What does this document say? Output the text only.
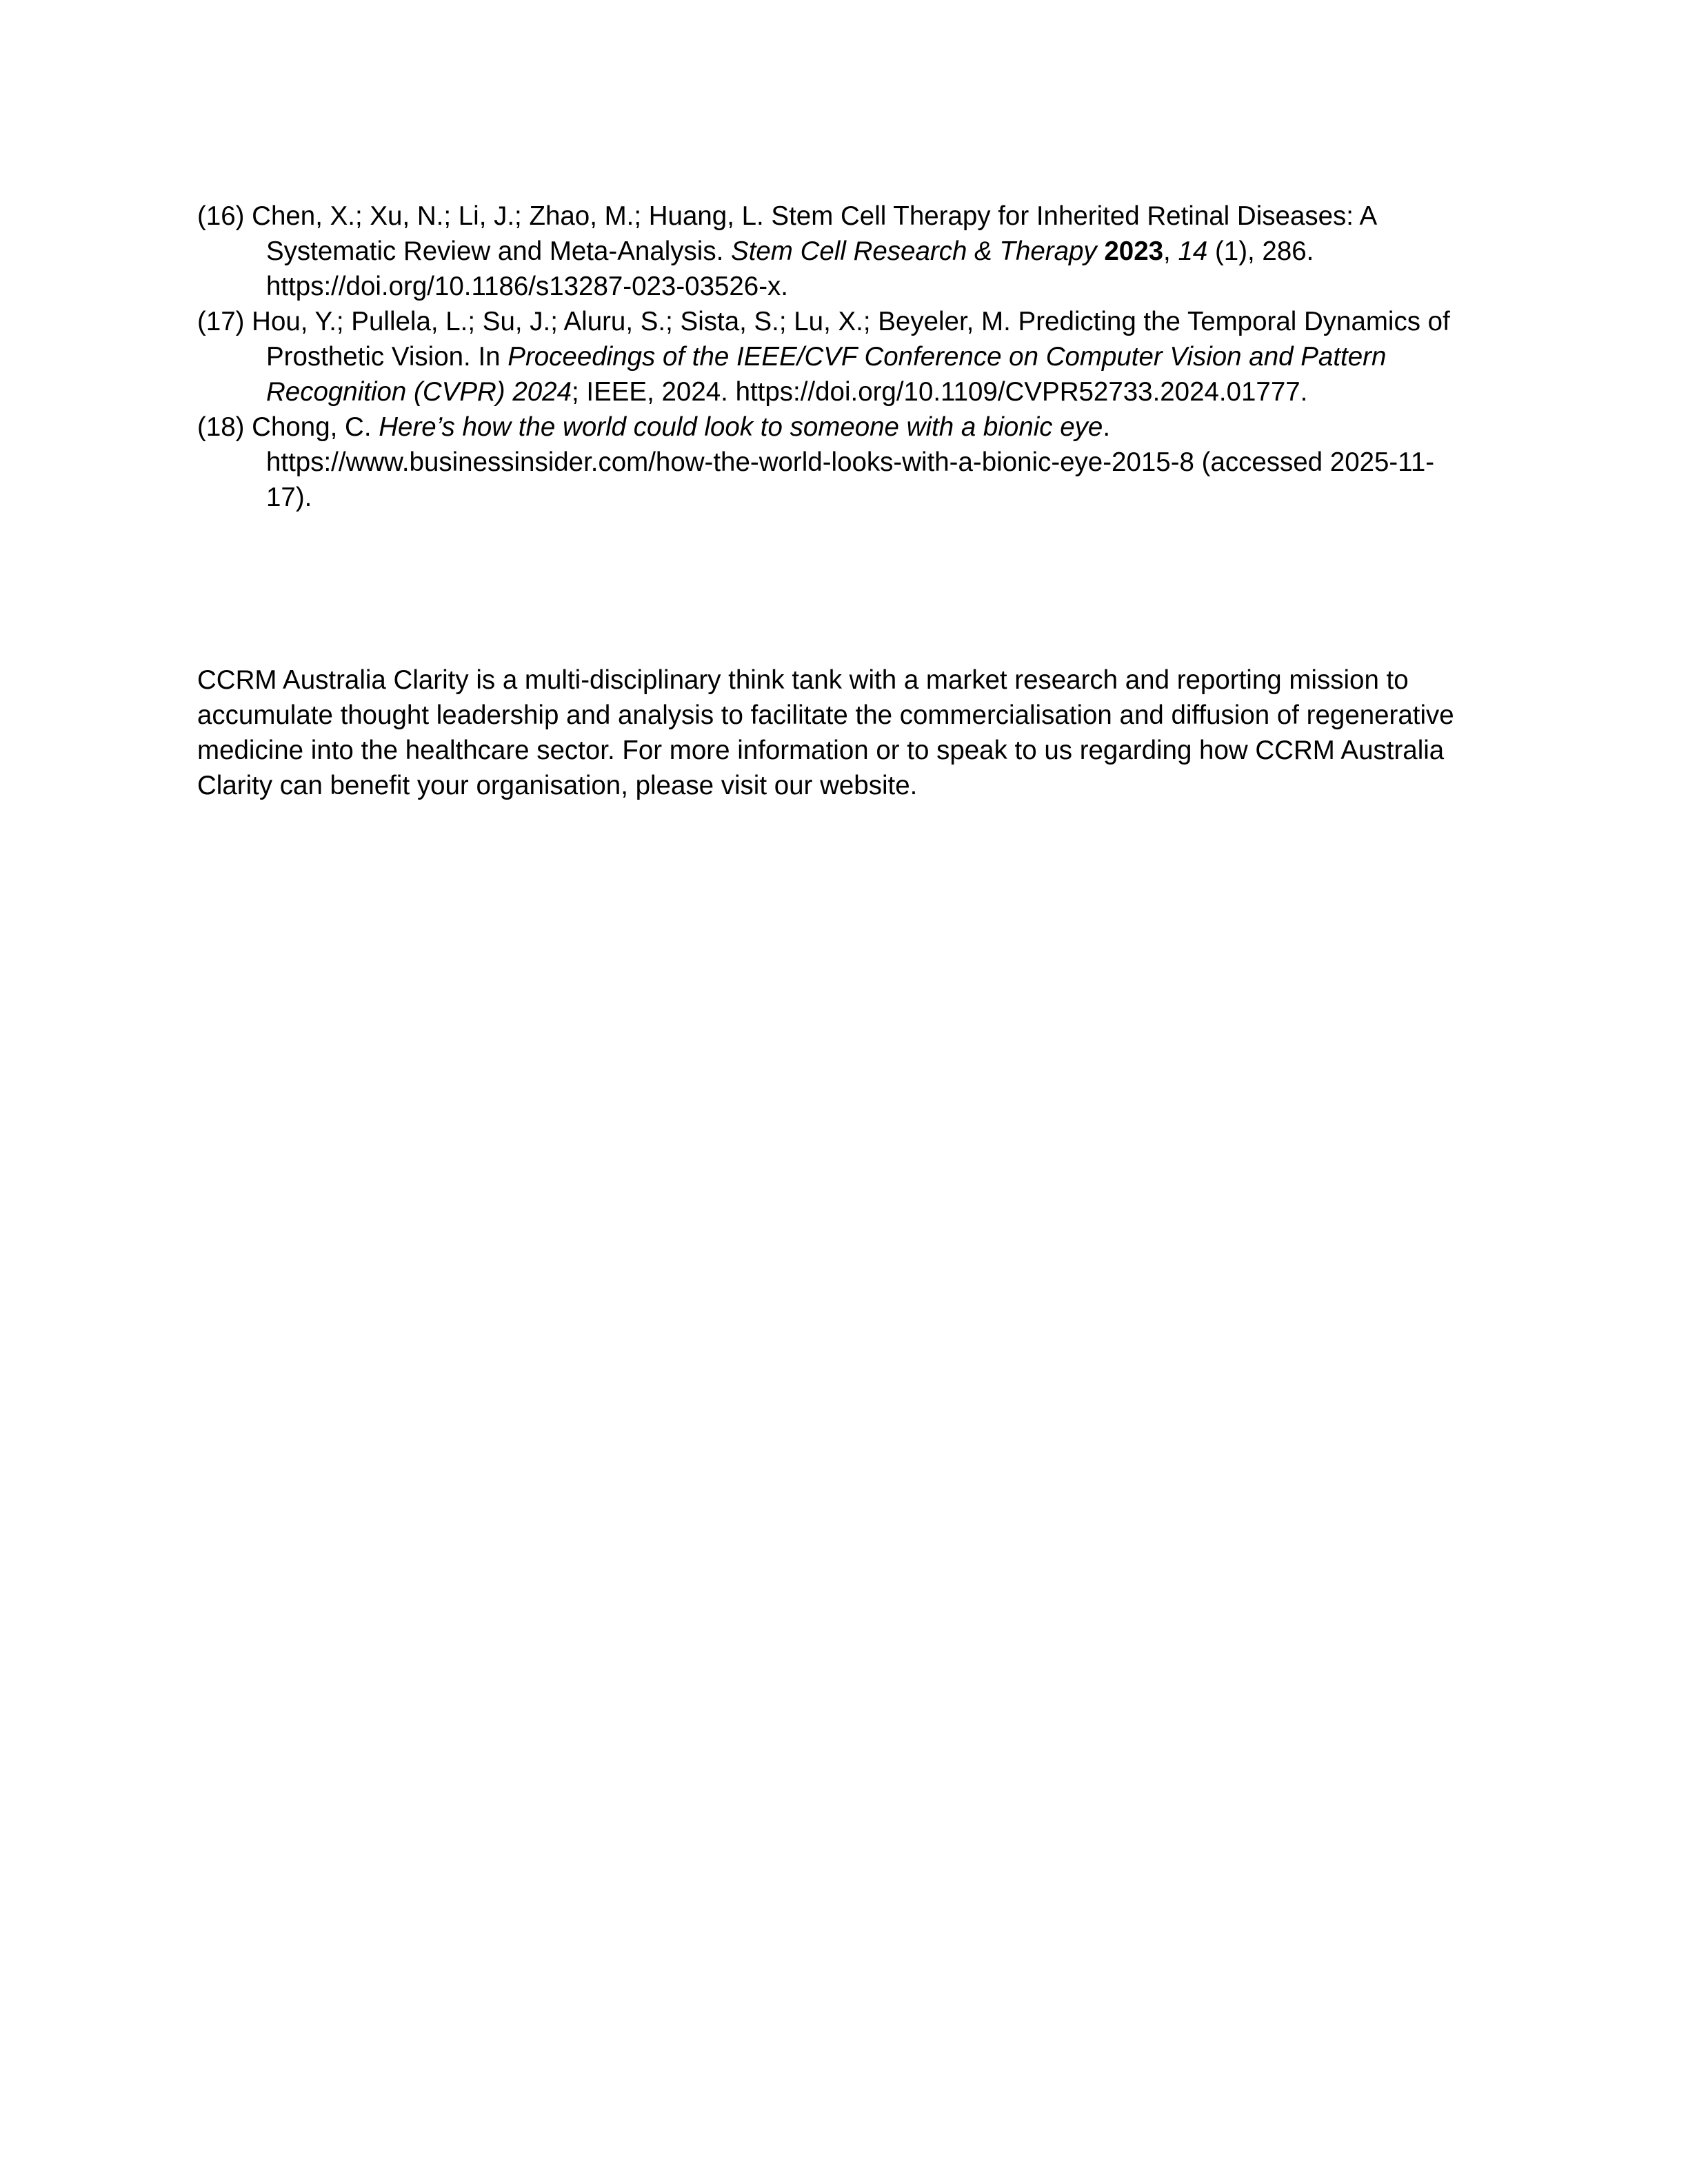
(16) Chen, X.; Xu, N.; Li, J.; Zhao, M.; Huang, L. Stem Cell Therapy for Inherited Retinal Diseases: A Systematic Review and Meta-Analysis. Stem Cell Research & Therapy 2023, 14 (1), 286.
https://doi.org/10.1186/s13287-023-03526-x.

(17) Hou, Y.; Pullela, L.; Su, J.; Aluru, S.; Sista, S.; Lu, X.; Beyeler, M. Predicting the Temporal Dynamics of Prosthetic Vision. In Proceedings of the IEEE/CVF Conference on Computer Vision and Pattern Recognition (CVPR) 2024; IEEE, 2024. https://doi.org/10.1109/CVPR52733.2024.01777.

(18) Chong, C. Here’s how the world could look to someone with a bionic eye.
https://www.businessinsider.com/how-the-world-looks-with-a-bionic-eye-2015-8 (accessed 2025-11-17).

CCRM Australia Clarity is a multi-disciplinary think tank with a market research and reporting mission to accumulate thought leadership and analysis to facilitate the commercialisation and diffusion of regenerative medicine into the healthcare sector. For more information or to speak to us regarding how CCRM Australia Clarity can benefit your organisation, please visit our website.
